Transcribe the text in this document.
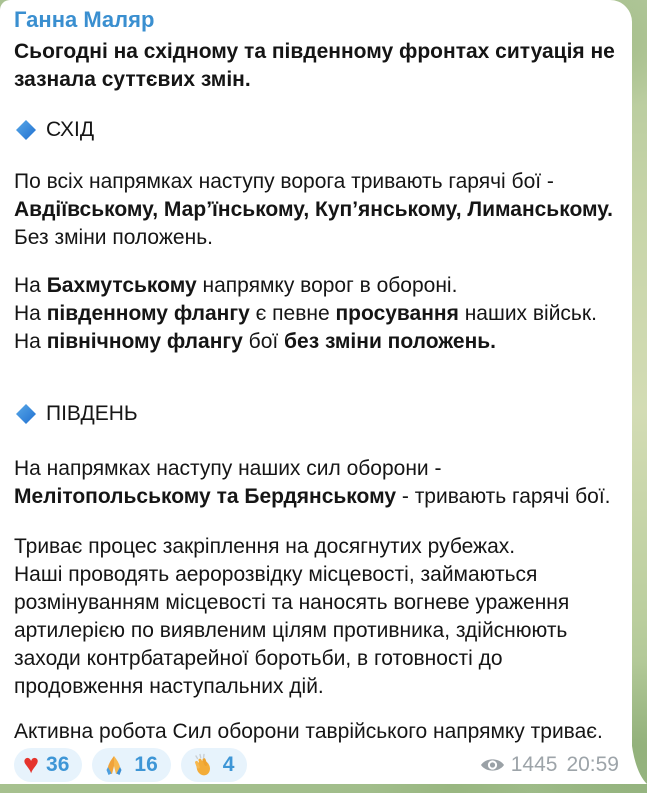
Ганна Маляр
Сьогодні на східному та південному фронтах ситуація не зазнала суттєвих змін.
СХІД
По всіх напрямках наступу ворога тривають гарячі бої - Авдіївському, Мар’їнському, Куп’янському, Лиманському. Без зміни положень.
На Бахмутському напрямку ворог в обороні.
На південному флангу є певне просування наших військ.
На північному флангу бої без зміни положень.
ПІВДЕНЬ
На напрямках наступу наших сил оборони - Мелітопольському та Бердянському - тривають гарячі бої.
Триває процес закріплення на досягнутих рубежах.
Наші проводять аеророзвідку місцевості, займаються розмінуванням місцевості та наносять вогневе ураження артилерією по виявленим цілям противника, здійснюють заходи контрбатарейної боротьби, в готовності до продовження наступальних дій.
Активна робота Сил оборони таврійського напрямку триває.
♥ 36	16	4	1445 20:59
